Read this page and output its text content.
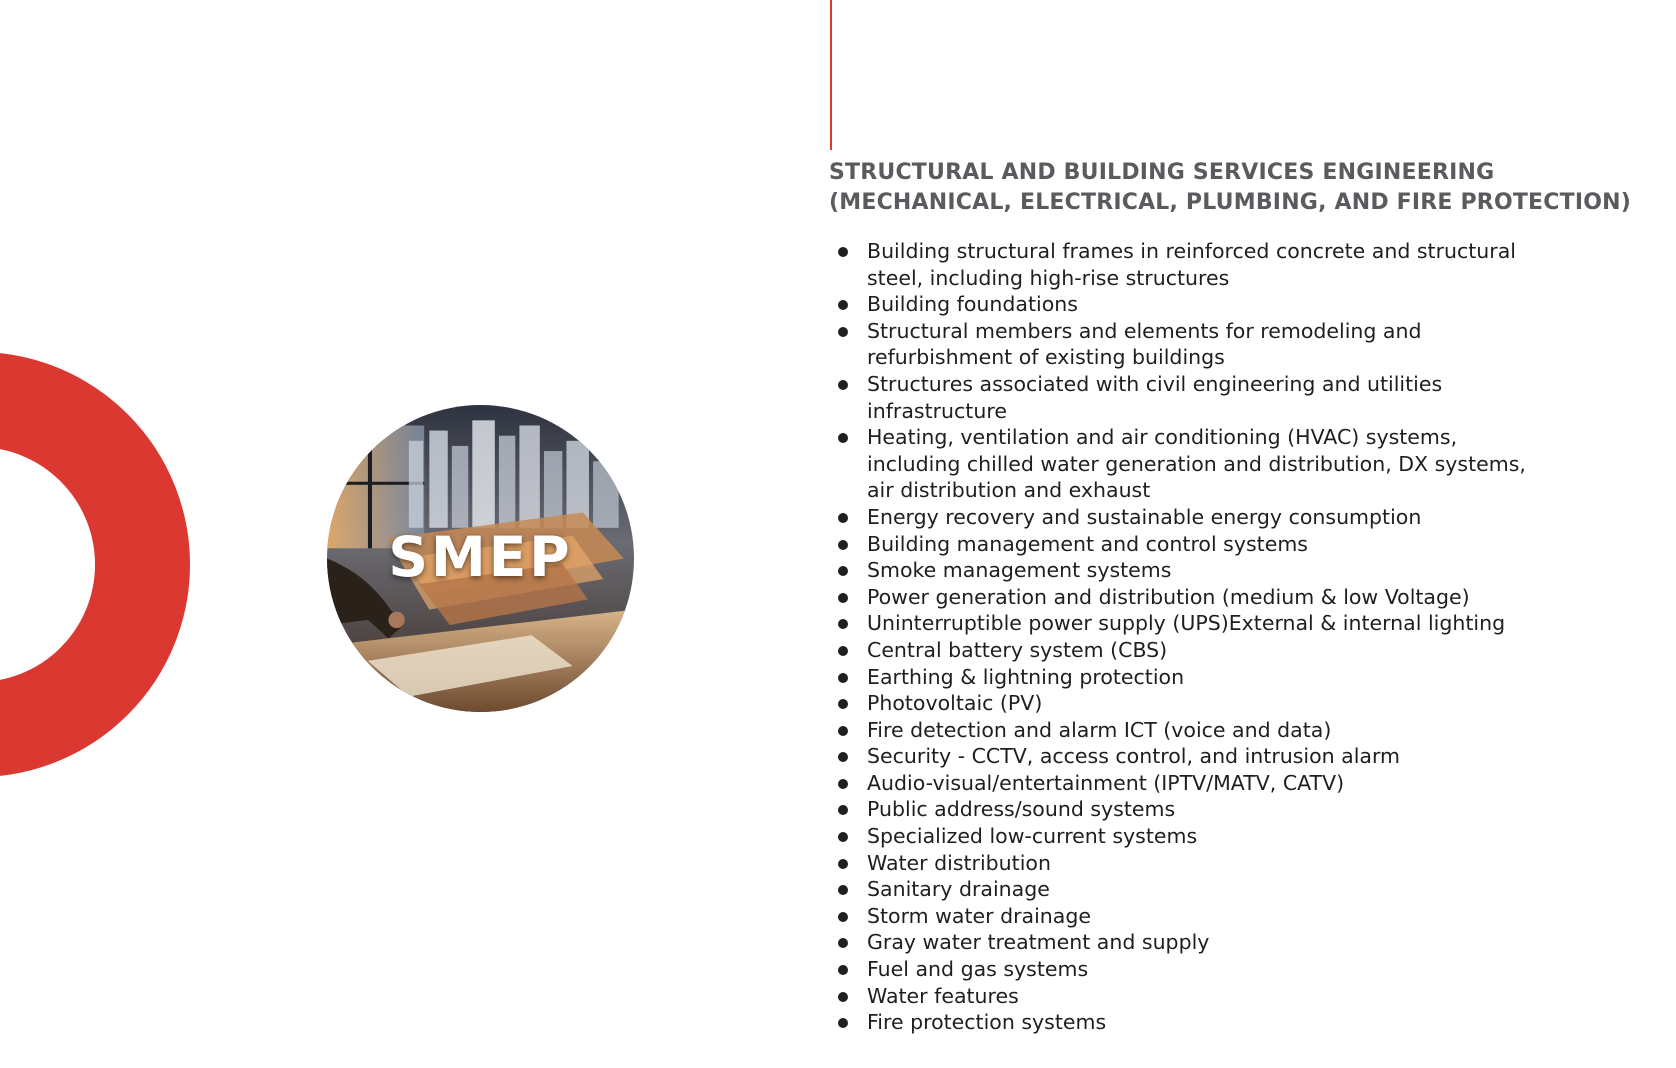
SMEP
STRUCTURAL AND BUILDING SERVICES ENGINEERING
(MECHANICAL, ELECTRICAL, PLUMBING, AND FIRE PROTECTION)
Building structural frames in reinforced concrete and structural steel, including high-rise structures
Building foundations
Structural members and elements for remodeling and refurbishment of existing buildings
Structures associated with civil engineering and utilities infrastructure
Heating, ventilation and air conditioning (HVAC) systems, including chilled water generation and distribution, DX systems, air distribution and exhaust
Energy recovery and sustainable energy consumption
Building management and control systems
Smoke management systems
Power generation and distribution (medium & low Voltage)
Uninterruptible power supply (UPS)External & internal lighting
Central battery system (CBS)
Earthing & lightning protection
Photovoltaic (PV)
Fire detection and alarm ICT (voice and data)
Security - CCTV, access control, and intrusion alarm
Audio-visual/entertainment (IPTV/MATV, CATV)
Public address/sound systems
Specialized low-current systems
Water distribution
Sanitary drainage
Storm water drainage
Gray water treatment and supply
Fuel and gas systems
Water features
Fire protection systems
